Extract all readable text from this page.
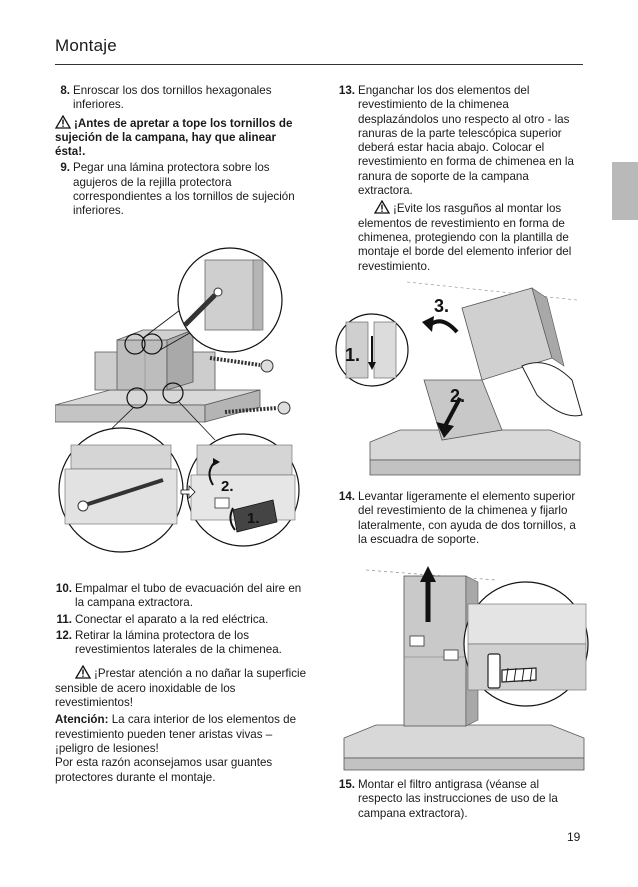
Montaje

8. Enroscar los dos tornillos hexagonales inferiores.

¡Antes de apretar a tope los tornillos de sujeción de la campana, hay que alinear ésta!.

9. Pegar una lámina protectora sobre los agujeros de la rejilla protectora correspondientes a los tornillos de sujeción inferiores.

2.
1.

10. Empalmar el tubo de evacuación del aire en la campana extractora.

11. Conectar el aparato a la red eléctrica.

12. Retirar la lámina protectora de los revestimientos laterales de la chimenea.

¡Prestar atención a no dañar la superficie sensible de acero inoxidable de los revestimientos!

Atención: La cara interior de los elementos de revestimiento pueden tener aristas vivas – ¡peligro de lesiones!

Por esta razón aconsejamos usar guantes protectores durante el montaje.

13. Enganchar los dos elementos del revestimiento de la chimenea desplazándolos uno respecto al otro - las ranuras de la parte telescópica superior deberá estar hacia abajo. Colocar el revestimiento en forma de chimenea en la ranura de soporte de la campana extractora.

¡Evite los rasguños al montar los elementos de revestimiento en forma de chimenea, protegiendo con la plantilla de montaje el borde del elemento inferior del revestimiento.

3.
2.
1.

14. Levantar ligeramente el elemento superior del revestimiento de la chimenea y fijarlo lateralmente, con ayuda de dos tornillos, a la escuadra de soporte.

15. Montar el filtro antigrasa (véanse al respecto las instrucciones de uso de la campana extractora).

19
